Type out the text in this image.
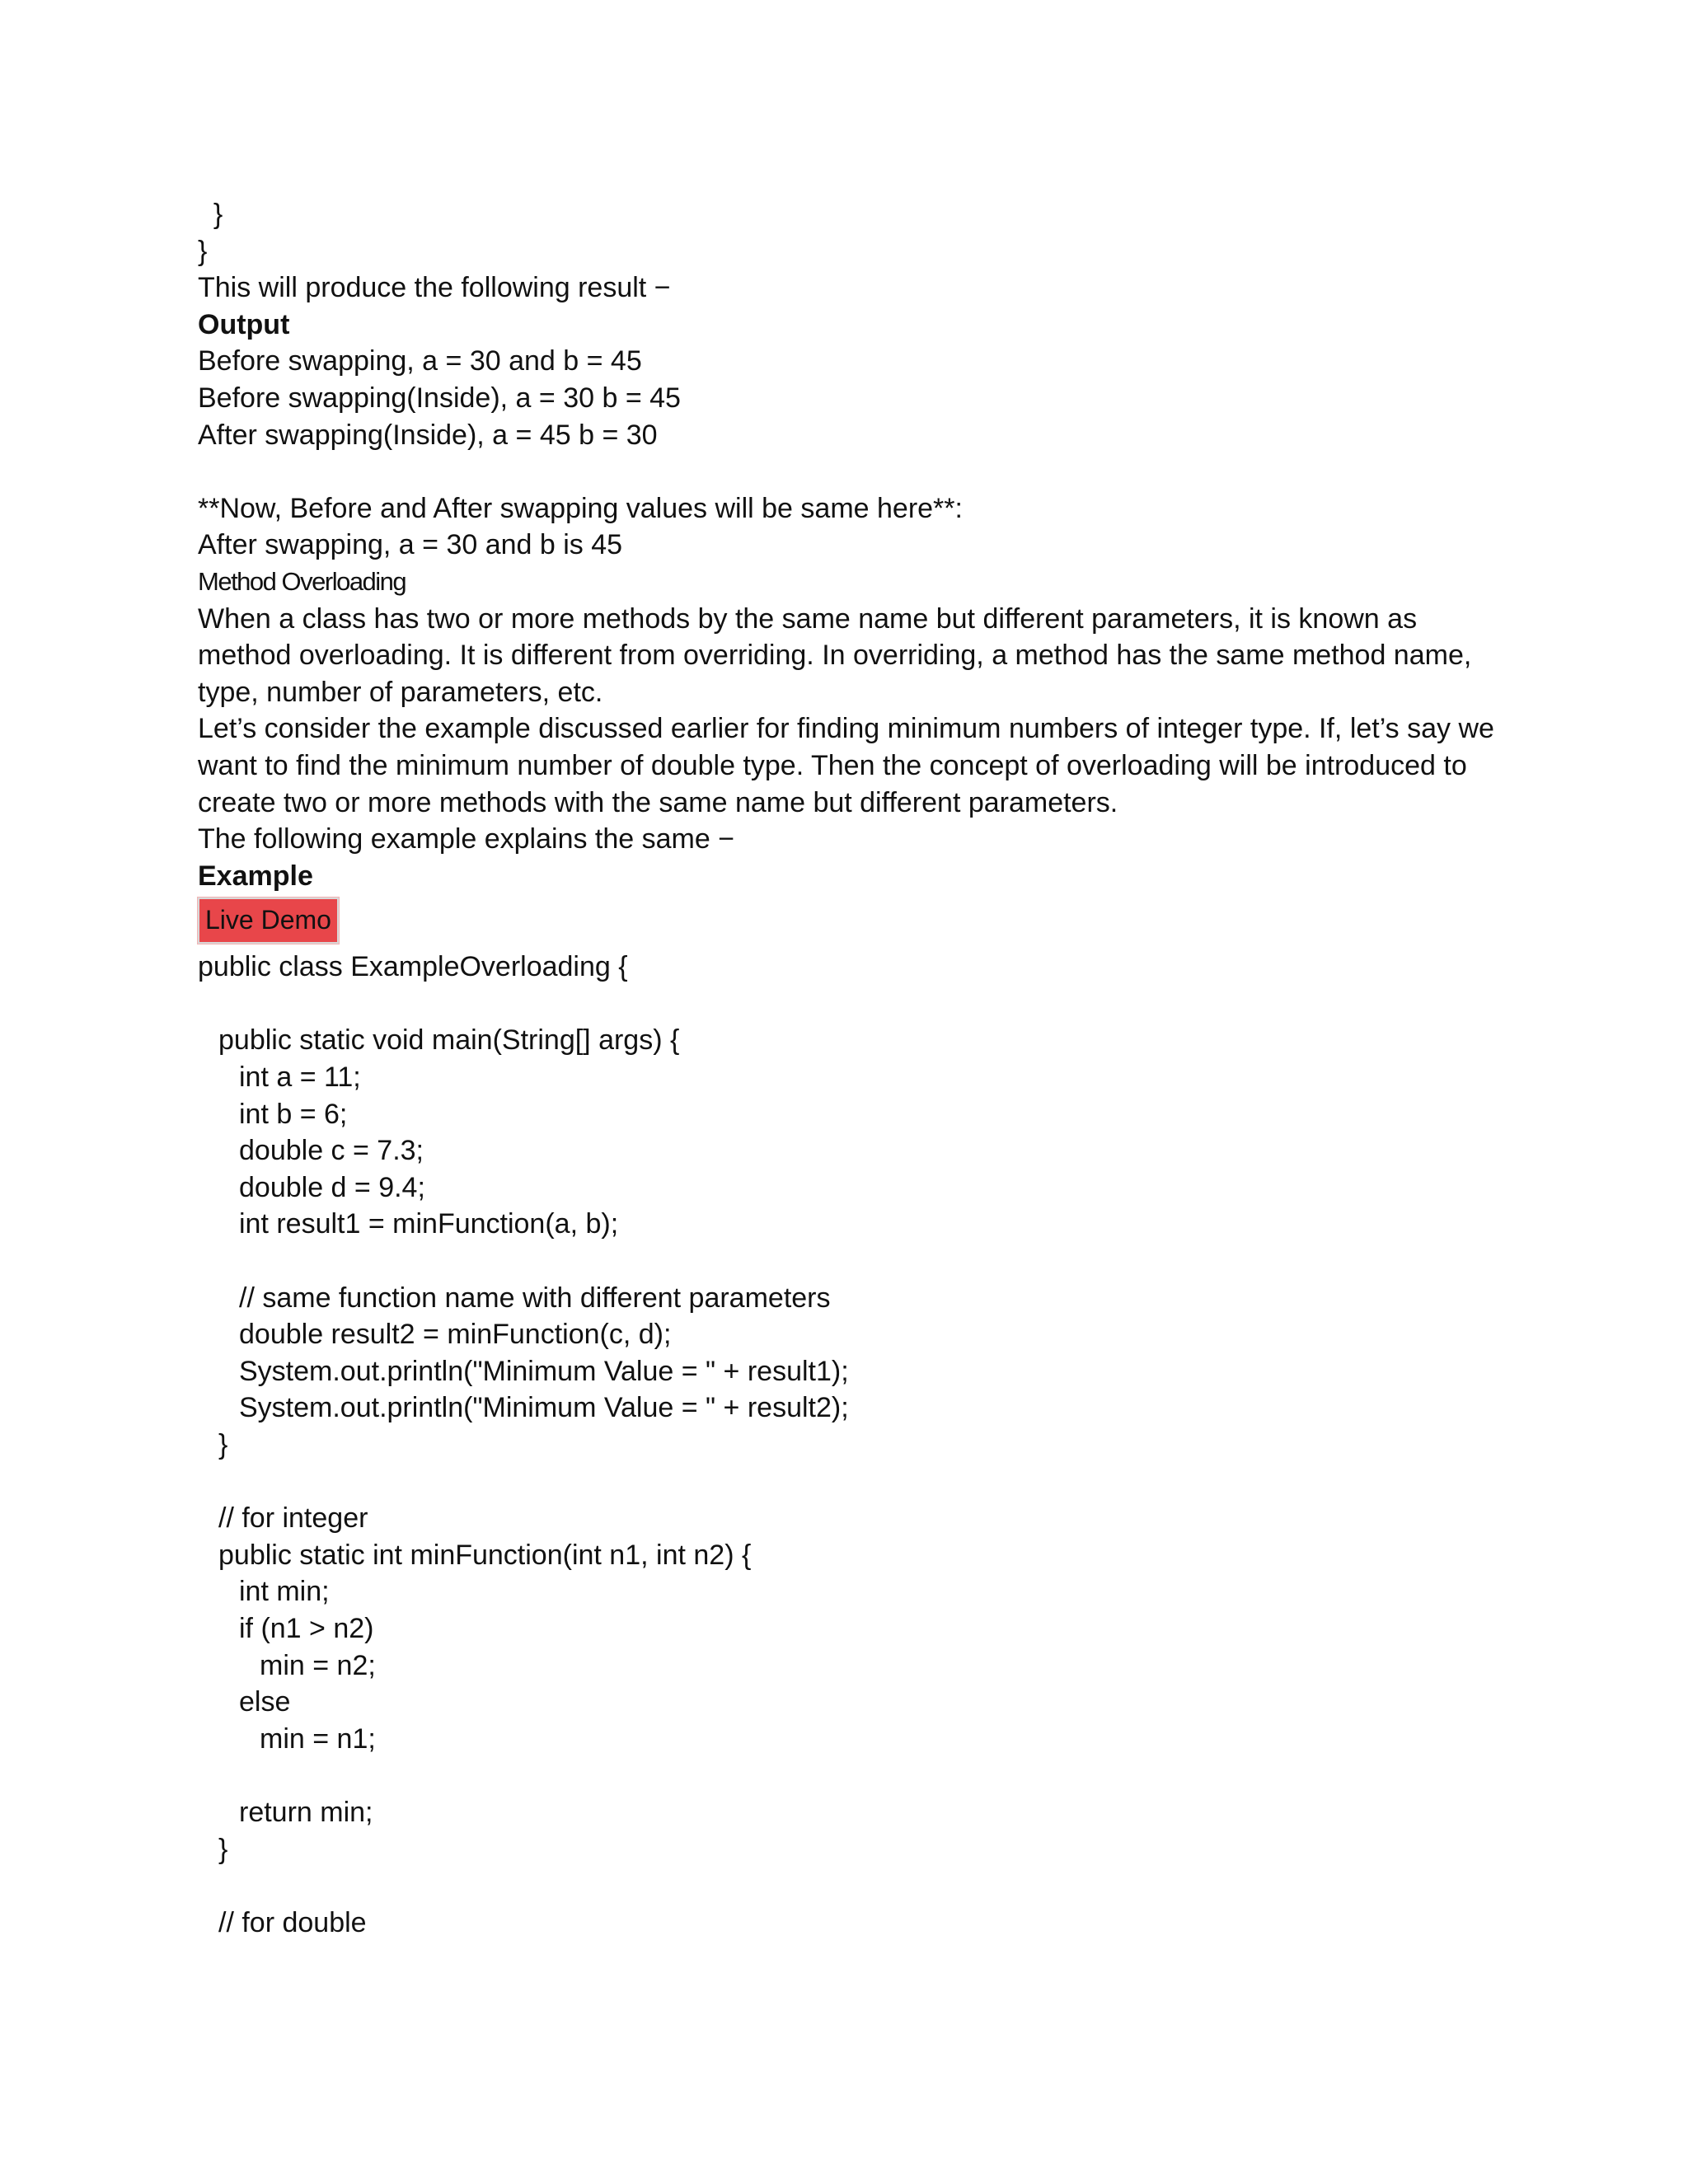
}
}
This will produce the following result −
Output
Before swapping, a = 30 and b = 45
Before swapping(Inside), a = 30 b = 45
After swapping(Inside), a = 45 b = 30
**Now, Before and After swapping values will be same here**:
After swapping, a = 30 and b is 45
Method Overloading
When a class has two or more methods by the same name but different parameters, it is known as method overloading. It is different from overriding. In overriding, a method has the same method name, type, number of parameters, etc.
Let’s consider the example discussed earlier for finding minimum numbers of integer type. If, let’s say we want to find the minimum number of double type. Then the concept of overloading will be introduced to create two or more methods with the same name but different parameters.
The following example explains the same −
Example
Live Demo
public class ExampleOverloading {
public static void main(String[] args) {
int a = 11;
int b = 6;
double c = 7.3;
double d = 9.4;
int result1 = minFunction(a, b);
// same function name with different parameters
double result2 = minFunction(c, d);
System.out.println("Minimum Value = " + result1);
System.out.println("Minimum Value = " + result2);
}
// for integer
public static int minFunction(int n1, int n2) {
int min;
if (n1 > n2)
min = n2;
else
min = n1;
return min;
}
// for double
